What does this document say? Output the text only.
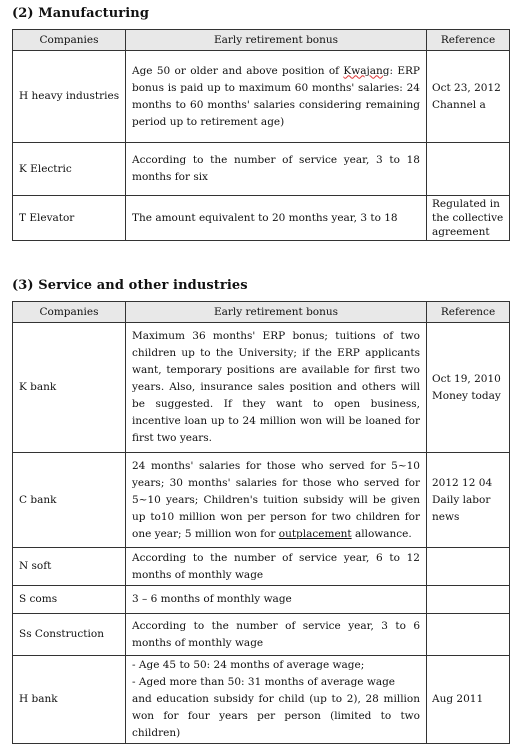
(2) Manufacturing
Companies	Early retirement bonus	Reference
H heavy industries	Age 50 or older and above position of Kwajang: ERP bonus is paid up to maximum 60 months' salaries: 24 months to 60 months' salaries considering remaining period up to retirement age)	Oct 23, 2012 Channel a
K Electric	According to the number of service year, 3 to 18 months for six	
T Elevator	The amount equivalent to 20 months year, 3 to 18	Regulated in the collective agreement
(3) Service and other industries
Companies	Early retirement bonus	Reference
K bank	Maximum 36 months' ERP bonus; tuitions of two children up to the University; if the ERP applicants want, temporary positions are available for first two years. Also, insurance sales position and others will be suggested. If they want to open business, incentive loan up to 24 million won will be loaned for first two years.	Oct 19, 2010 Money today
C bank	24 months' salaries for those who served for 5~10 years; 30 months' salaries for those who served for 5~10 years; Children's tuition subsidy will be given up to10 million won per person for two children for one year; 5 million won for outplacement allowance.	2012 12 04 Daily labor news
N soft	According to the number of service year, 6 to 12 months of monthly wage	
S coms	3 – 6 months of monthly wage	
Ss Construction	According to the number of service year, 3 to 6 months of monthly wage	
H bank	- Age 45 to 50: 24 months of average wage;
- Aged more than 50: 31 months of average wage
and education subsidy for child (up to 2), 28 million won for four years per person (limited to two children)	Aug 2011
